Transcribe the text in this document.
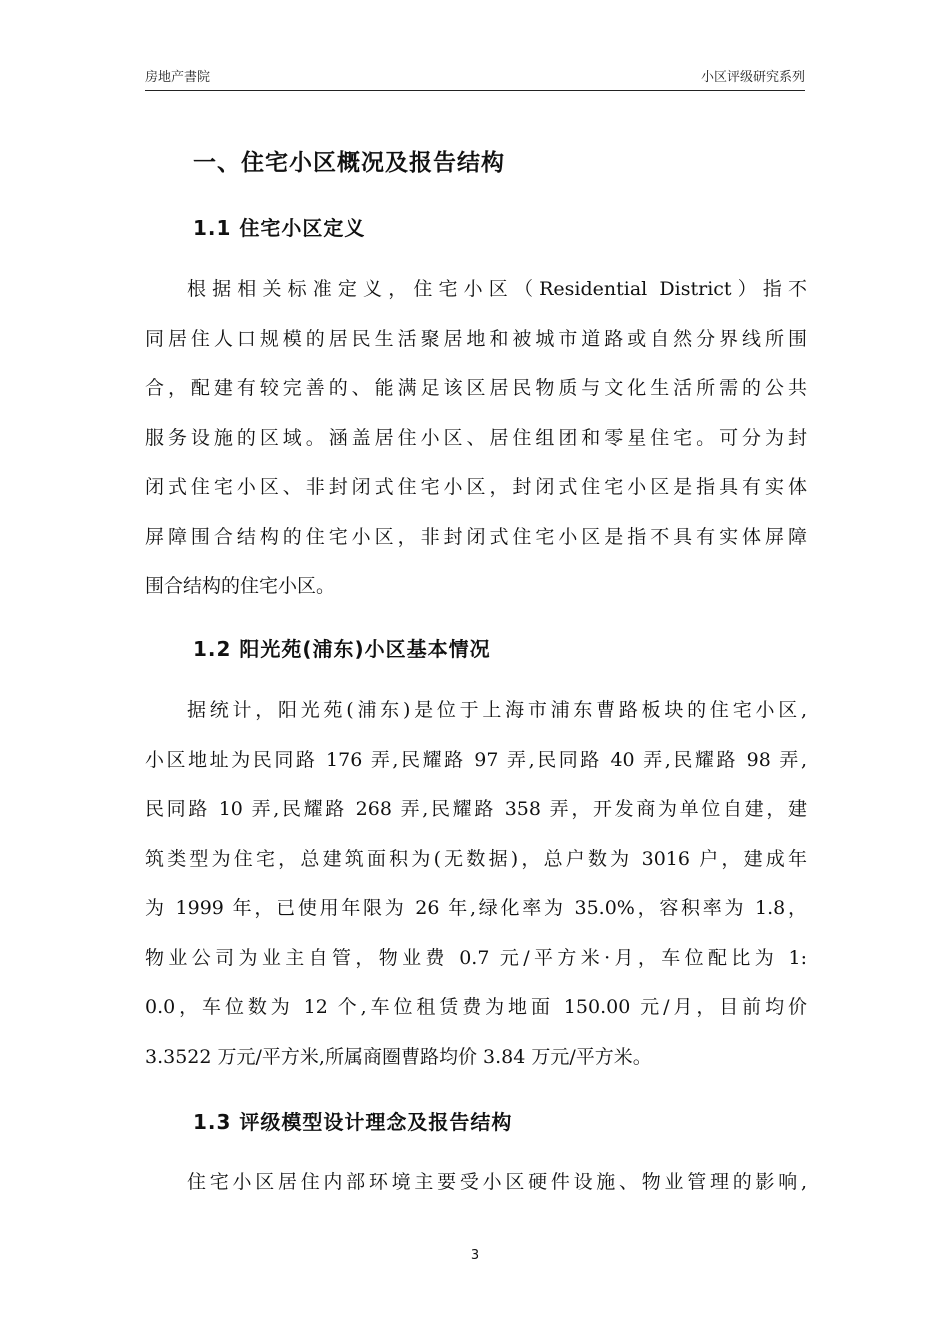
房地产書院	小区评级研究系列
一、住宅小区概况及报告结构
1.1 住宅小区定义
根据相关标准定义，住宅小区（Residential District）指不
同居住人口规模的居民生活聚居地和被城市道路或自然分界线所围
合，配建有较完善的、能满足该区居民物质与文化生活所需的公共
服务设施的区域。涵盖居住小区、居住组团和零星住宅。可分为封
闭式住宅小区、非封闭式住宅小区，封闭式住宅小区是指具有实体
屏障围合结构的住宅小区，非封闭式住宅小区是指不具有实体屏障
围合结构的住宅小区。
1.2 阳光苑(浦东)小区基本情况
据统计，阳光苑(浦东)是位于上海市浦东曹路板块的住宅小区,
小区地址为民同路 176 弄,民耀路 97 弄,民同路 40 弄,民耀路 98 弄,
民同路 10 弄,民耀路 268 弄,民耀路 358 弄，开发商为单位自建，建
筑类型为住宅，总建筑面积为(无数据)，总户数为 3016 户，建成年
为 1999 年，已使用年限为 26 年,绿化率为 35.0%，容积率为 1.8，
物业公司为业主自管，物业费 0.7 元/平方米·月，车位配比为 1:
0.0，车位数为 12 个,车位租赁费为地面 150.00 元/月，目前均价
3.3522 万元/平方米,所属商圈曹路均价 3.84 万元/平方米。
1.3 评级模型设计理念及报告结构
住宅小区居住内部环境主要受小区硬件设施、物业管理的影响,
3
